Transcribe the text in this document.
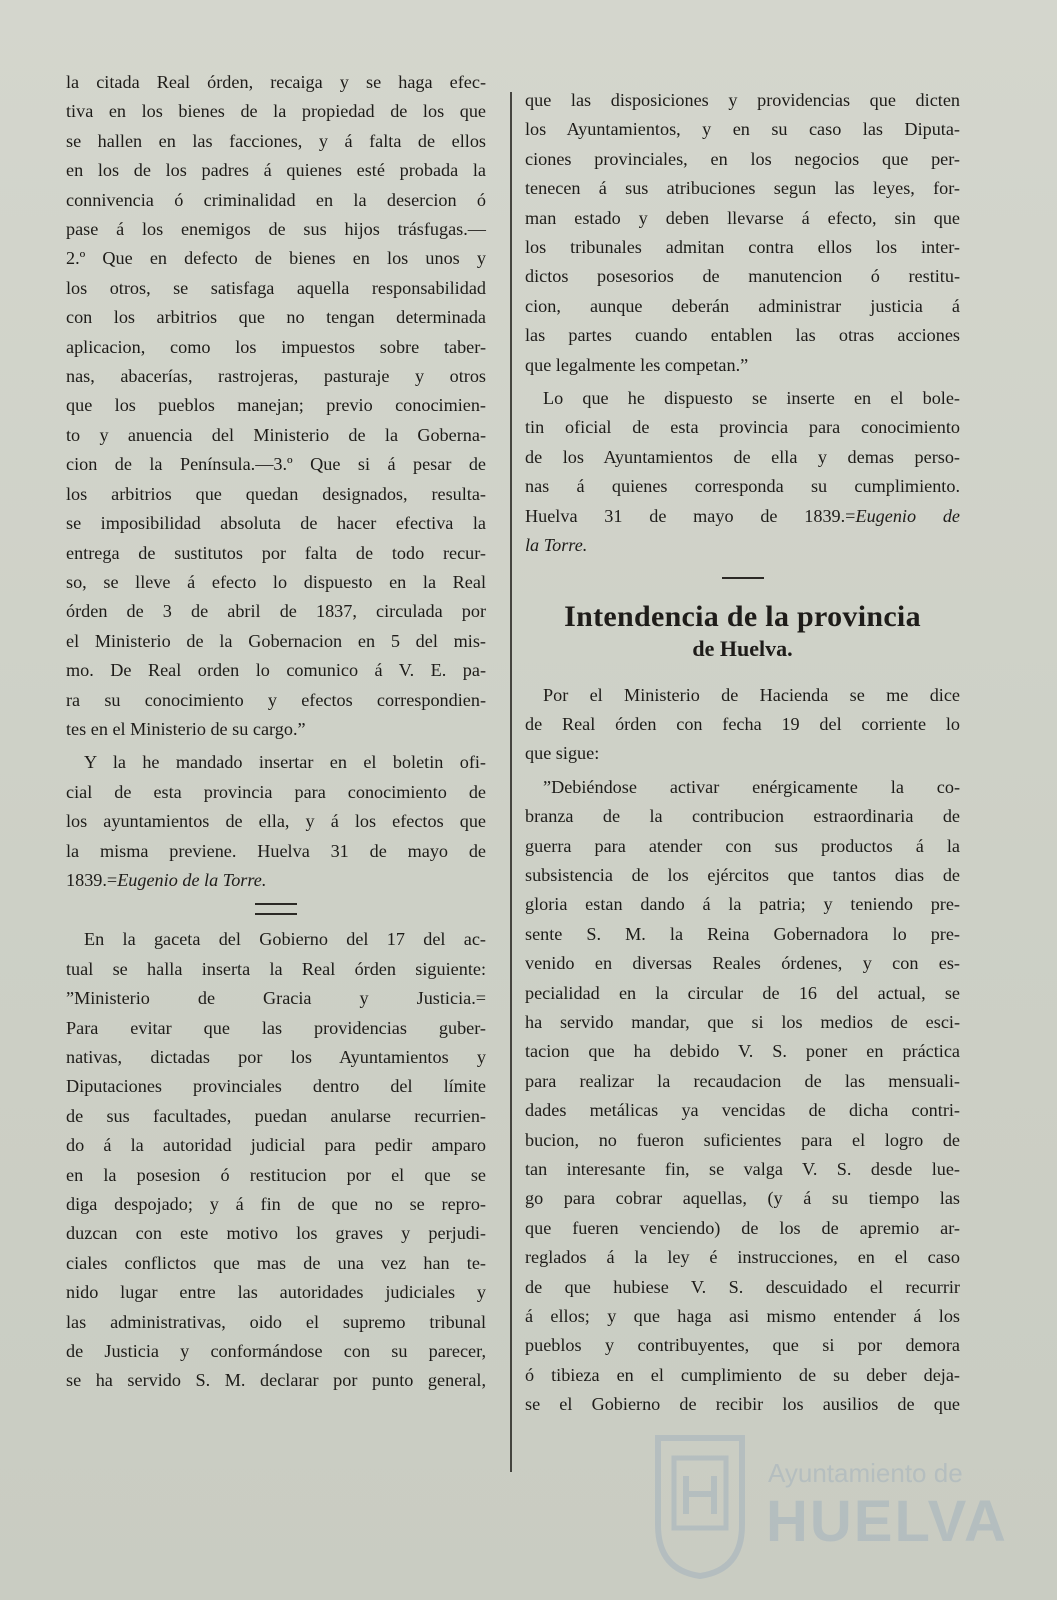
la citada Real órden, recaiga y se haga efec-
tiva en los bienes de la propiedad de los que
se hallen en las facciones, y á falta de ellos
en los de los padres á quienes esté probada la
connivencia ó criminalidad en la desercion ó
pase á los enemigos de sus hijos trásfugas.—
2.º Que en defecto de bienes en los unos y
los otros, se satisfaga aquella responsabilidad
con los arbitrios que no tengan determinada
aplicacion, como los impuestos sobre taber-
nas, abacerías, rastrojeras, pasturaje y otros
que los pueblos manejan; previo conocimien-
to y anuencia del Ministerio de la Goberna-
cion de la Península.—3.º Que si á pesar de
los arbitrios que quedan designados, resulta-
se imposibilidad absoluta de hacer efectiva la
entrega de sustitutos por falta de todo recur-
so, se lleve á efecto lo dispuesto en la Real
órden de 3 de abril de 1837, circulada por
el Ministerio de la Gobernacion en 5 del mis-
mo. De Real orden lo comunico á V. E. pa-
ra su conocimiento y efectos correspondien-
tes en el Ministerio de su cargo.”
Y la he mandado insertar en el boletin ofi-
cial de esta provincia para conocimiento de
los ayuntamientos de ella, y á los efectos que
la misma previene. Huelva 31 de mayo de
1839.=Eugenio de la Torre.
En la gaceta del Gobierno del 17 del ac-
tual se halla inserta la Real órden siguiente:
”Ministerio de Gracia y Justicia.=
Para evitar que las providencias guber-
nativas, dictadas por los Ayuntamientos y
Diputaciones provinciales dentro del límite
de sus facultades, puedan anularse recurrien-
do á la autoridad judicial para pedir amparo
en la posesion ó restitucion por el que se
diga despojado; y á fin de que no se repro-
duzcan con este motivo los graves y perjudi-
ciales conflictos que mas de una vez han te-
nido lugar entre las autoridades judiciales y
las administrativas, oido el supremo tribunal
de Justicia y conformándose con su parecer,
se ha servido S. M. declarar por punto general,
que las disposiciones y providencias que dicten
los Ayuntamientos, y en su caso las Diputa-
ciones provinciales, en los negocios que per-
tenecen á sus atribuciones segun las leyes, for-
man estado y deben llevarse á efecto, sin que
los tribunales admitan contra ellos los inter-
dictos posesorios de manutencion ó restitu-
cion, aunque deberán administrar justicia á
las partes cuando entablen las otras acciones
que legalmente les competan.”
Lo que he dispuesto se inserte en el bole-
tin oficial de esta provincia para conocimiento
de los Ayuntamientos de ella y demas perso-
nas á quienes corresponda su cumplimiento.
Huelva 31 de mayo de 1839.=Eugenio de
la Torre.
Intendencia de la provincia
de Huelva.
Por el Ministerio de Hacienda se me dice
de Real órden con fecha 19 del corriente lo
que sigue:
”Debiéndose activar enérgicamente la co-
branza de la contribucion estraordinaria de
guerra para atender con sus productos á la
subsistencia de los ejércitos que tantos dias de
gloria estan dando á la patria; y teniendo pre-
sente S. M. la Reina Gobernadora lo pre-
venido en diversas Reales órdenes, y con es-
pecialidad en la circular de 16 del actual, se
ha servido mandar, que si los medios de esci-
tacion que ha debido V. S. poner en práctica
para realizar la recaudacion de las mensuali-
dades metálicas ya vencidas de dicha contri-
bucion, no fueron suficientes para el logro de
tan interesante fin, se valga V. S. desde lue-
go para cobrar aquellas, (y á su tiempo las
que fueren venciendo) de los de apremio ar-
reglados á la ley é instrucciones, en el caso
de que hubiese V. S. descuidado el recurrir
á ellos; y que haga asi mismo entender á los
pueblos y contribuyentes, que si por demora
ó tibieza en el cumplimiento de su deber deja-
se el Gobierno de recibir los ausilios de que
Ayuntamiento de
HUELVA
